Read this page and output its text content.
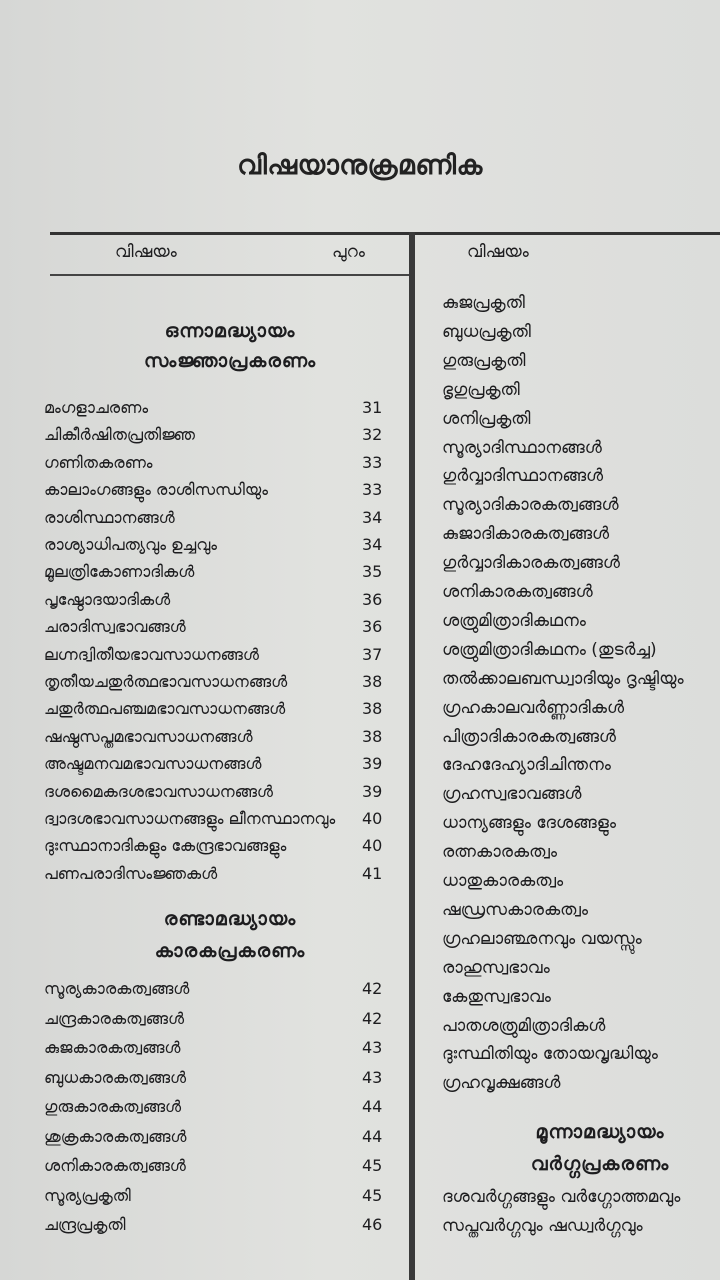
വിഷയാനുക്രമണിക
വിഷയം	പുറം	വിഷയം
ഒന്നാമദ്ധ്യായം
സംജ്ഞാപ്രകരണം
മംഗളാചരണം	31
ചികീർഷിതപ്രതിജ്ഞ	32
ഗണിതകരണം	33
കാലാംഗങ്ങളും രാശിസന്ധിയും	33
രാശിസ്ഥാനങ്ങൾ	34
രാശ്യാധിപത്യവും ഉച്ചവും	34
മൂലത്രികോണാദികൾ	35
പൃഷ്ഠോദയാദികൾ	36
ചരാദിസ്വഭാവങ്ങൾ	36
ലഗ്നദ്വിതീയഭാവസാധനങ്ങൾ	37
തൃതീയചതുർത്ഥഭാവസാധനങ്ങൾ	38
ചതുർത്ഥപഞ്ചമഭാവസാധനങ്ങൾ	38
ഷഷ്ഠസപ്തമഭാവസാധനങ്ങൾ	38
അഷ്ടമനവമഭാവസാധനങ്ങൾ	39
ദശമൈകദശഭാവസാധനങ്ങൾ	39
ദ്വാദശഭാവസാധനങ്ങളും ലീനസ്ഥാനവും 40
ദുഃസ്ഥാനാദികളും കേന്ദ്രഭാവങ്ങളും	40
പണപരാദിസംജ്ഞകൾ	41
രണ്ടാമദ്ധ്യായം
കാരകപ്രകരണം
സൂര്യകാരകത്വങ്ങൾ	42
ചന്ദ്രകാരകത്വങ്ങൾ	42
കുജകാരകത്വങ്ങൾ	43
ബുധകാരകത്വങ്ങൾ	43
ഗുരുകാരകത്വങ്ങൾ	44
ശുക്രകാരകത്വങ്ങൾ	44
ശനികാരകത്വങ്ങൾ	45
സൂര്യപ്രകൃതി	45
ചന്ദ്രപ്രകൃതി	46
കുജപ്രകൃതി
ബുധപ്രകൃതി
ഗുരുപ്രകൃതി
ഭൃഗുപ്രകൃതി
ശനിപ്രകൃതി
സൂര്യാദിസ്ഥാനങ്ങൾ
ഗുർവ്വാദിസ്ഥാനങ്ങൾ
സൂര്യാദികാരകത്വങ്ങൾ
കുജാദികാരകത്വങ്ങൾ
ഗുർവ്വാദികാരകത്വങ്ങൾ
ശനികാരകത്വങ്ങൾ
ശത്രുമിത്രാദികഥനം
ശത്രുമിത്രാദികഥനം (തുടർച്ച)
തൽക്കാലബന്ധ്വാദിയും ദൃഷ്ടിയും
ഗ്രഹകാലവർണ്ണാദികൾ
പിത്രാദികാരകത്വങ്ങൾ
ദേഹദേഹ്യാദിചിന്തനം
ഗ്രഹസ്വഭാവങ്ങൾ
ധാന്യങ്ങളും ദേശങ്ങളും
രത്നകാരകത്വം
ധാതുകാരകത്വം
ഷഡ്രസകാരകത്വം
ഗ്രഹലാഞ്ഛനവും വയസ്സും
രാഹുസ്വഭാവം
കേതുസ്വഭാവം
പാതശത്രുമിത്രാദികൾ
ദുഃസ്ഥിതിയും തോയവൃദ്ധിയും
ഗ്രഹവൃക്ഷങ്ങൾ
മൂന്നാമദ്ധ്യായം
വർഗ്ഗപ്രകരണം
ദശവർഗ്ഗങ്ങളും വർഗ്ഗോത്തമവും
സപ്തവർഗ്ഗവും ഷഡ്വർഗ്ഗവും
